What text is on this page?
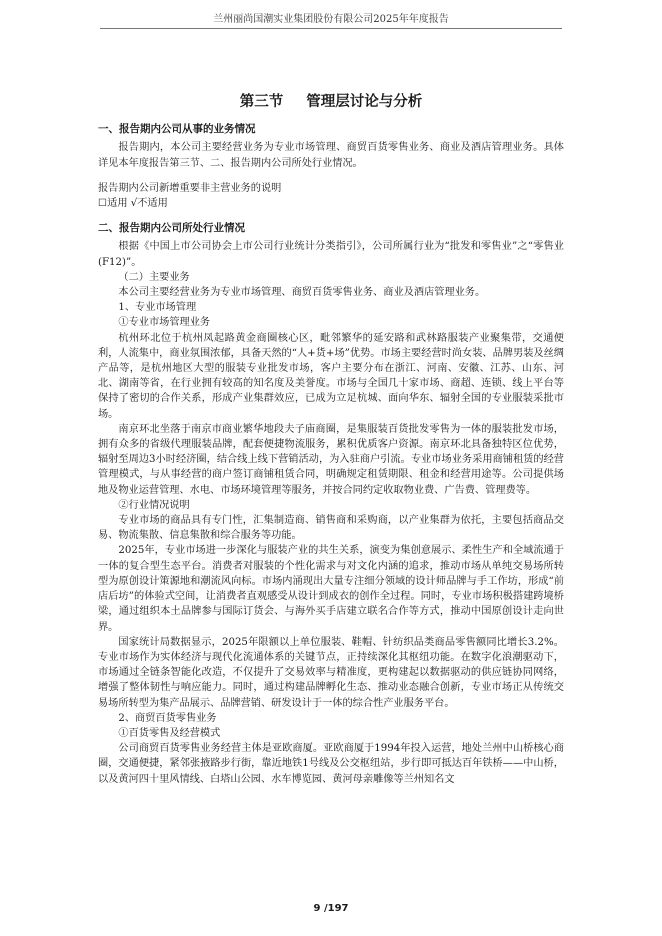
兰州丽尚国潮实业集团股份有限公司2025年年度报告
第三节 管理层讨论与分析
一、报告期内公司从事的业务情况

报告期内，本公司主要经营业务为专业市场管理、商贸百货零售业务、商业及酒店管理业务。具体详见本年度报告第三节、二、报告期内公司所处行业情况。

报告期内公司新增重要非主营业务的说明

☐适用 √不适用

二、报告期内公司所处行业情况

根据《中国上市公司协会上市公司行业统计分类指引》，公司所属行业为“批发和零售业”之“零售业(F12)”。

（二）主要业务

本公司主要经营业务为专业市场管理、商贸百货零售业务、商业及酒店管理业务。

1、专业市场管理

①专业市场管理业务

杭州环北位于杭州凤起路黄金商圈核心区，毗邻繁华的延安路和武林路服装产业聚集带，交通便利，人流集中，商业氛围浓郁，具备天然的“人+货+场”优势。市场主要经营时尚女装、品牌男装及丝绸产品等，是杭州地区大型的服装专业批发市场，客户主要分布在浙江、河南、安徽、江苏、山东、河北、湖南等省，在行业拥有较高的知名度及美誉度。市场与全国几十家市场、商超、连锁、线上平台等保持了密切的合作关系，形成产业集群效应，已成为立足杭城、面向华东、辐射全国的专业服装采批市场。

南京环北坐落于南京市商业繁华地段夫子庙商圈，是集服装百货批发零售为一体的服装批发市场，拥有众多的省级代理服装品牌，配套便捷物流服务，累积优质客户资源。南京环北具备独特区位优势，辐射至周边3小时经济圈，结合线上线下营销活动，为入驻商户引流。专业市场业务采用商铺租赁的经营管理模式，与从事经营的商户签订商铺租赁合同，明确规定租赁期限、租金和经营用途等。公司提供场地及物业运营管理、水电、市场环境管理等服务，并按合同约定收取物业费、广告费、管理费等。

②行业情况说明

专业市场的商品具有专门性，汇集制造商、销售商和采购商，以产业集群为依托，主要包括商品交易、物流集散、信息集散和综合服务等功能。

2025年，专业市场进一步深化与服装产业的共生关系，演变为集创意展示、柔性生产和全域流通于一体的复合型生态平台。消费者对服装的个性化需求与对文化内涵的追求，推动市场从单纯交易场所转型为原创设计策源地和潮流风向标。市场内涌现出大量专注细分领域的设计师品牌与手工作坊，形成“前店后坊”的体验式空间，让消费者直观感受从设计到成衣的创作全过程。同时，专业市场积极搭建跨境桥梁，通过组织本土品牌参与国际订货会、与海外买手店建立联名合作等方式，推动中国原创设计走向世界。

国家统计局数据显示，2025年限额以上单位服装、鞋帽、针纺织品类商品零售额同比增长3.2%。专业市场作为实体经济与现代化流通体系的关键节点，正持续深化其枢纽功能。在数字化浪潮驱动下，市场通过全链条智能化改造，不仅提升了交易效率与精准度，更构建起以数据驱动的供应链协同网络，增强了整体韧性与响应能力。同时，通过构建品牌孵化生态、推动业态融合创新，专业市场正从传统交易场所转型为集产品展示、品牌营销、研发设计于一体的综合性产业服务平台。

2、商贸百货零售业务

①百货零售及经营模式

公司商贸百货零售业务经营主体是亚欧商厦。亚欧商厦于1994年投入运营，地处兰州中山桥核心商圈，交通便捷，紧邻张掖路步行街，靠近地铁1号线及公交枢纽站，步行即可抵达百年铁桥——中山桥，以及黄河四十里风情线、白塔山公园、水车博览园、黄河母亲雕像等兰州知名文

9 /197
